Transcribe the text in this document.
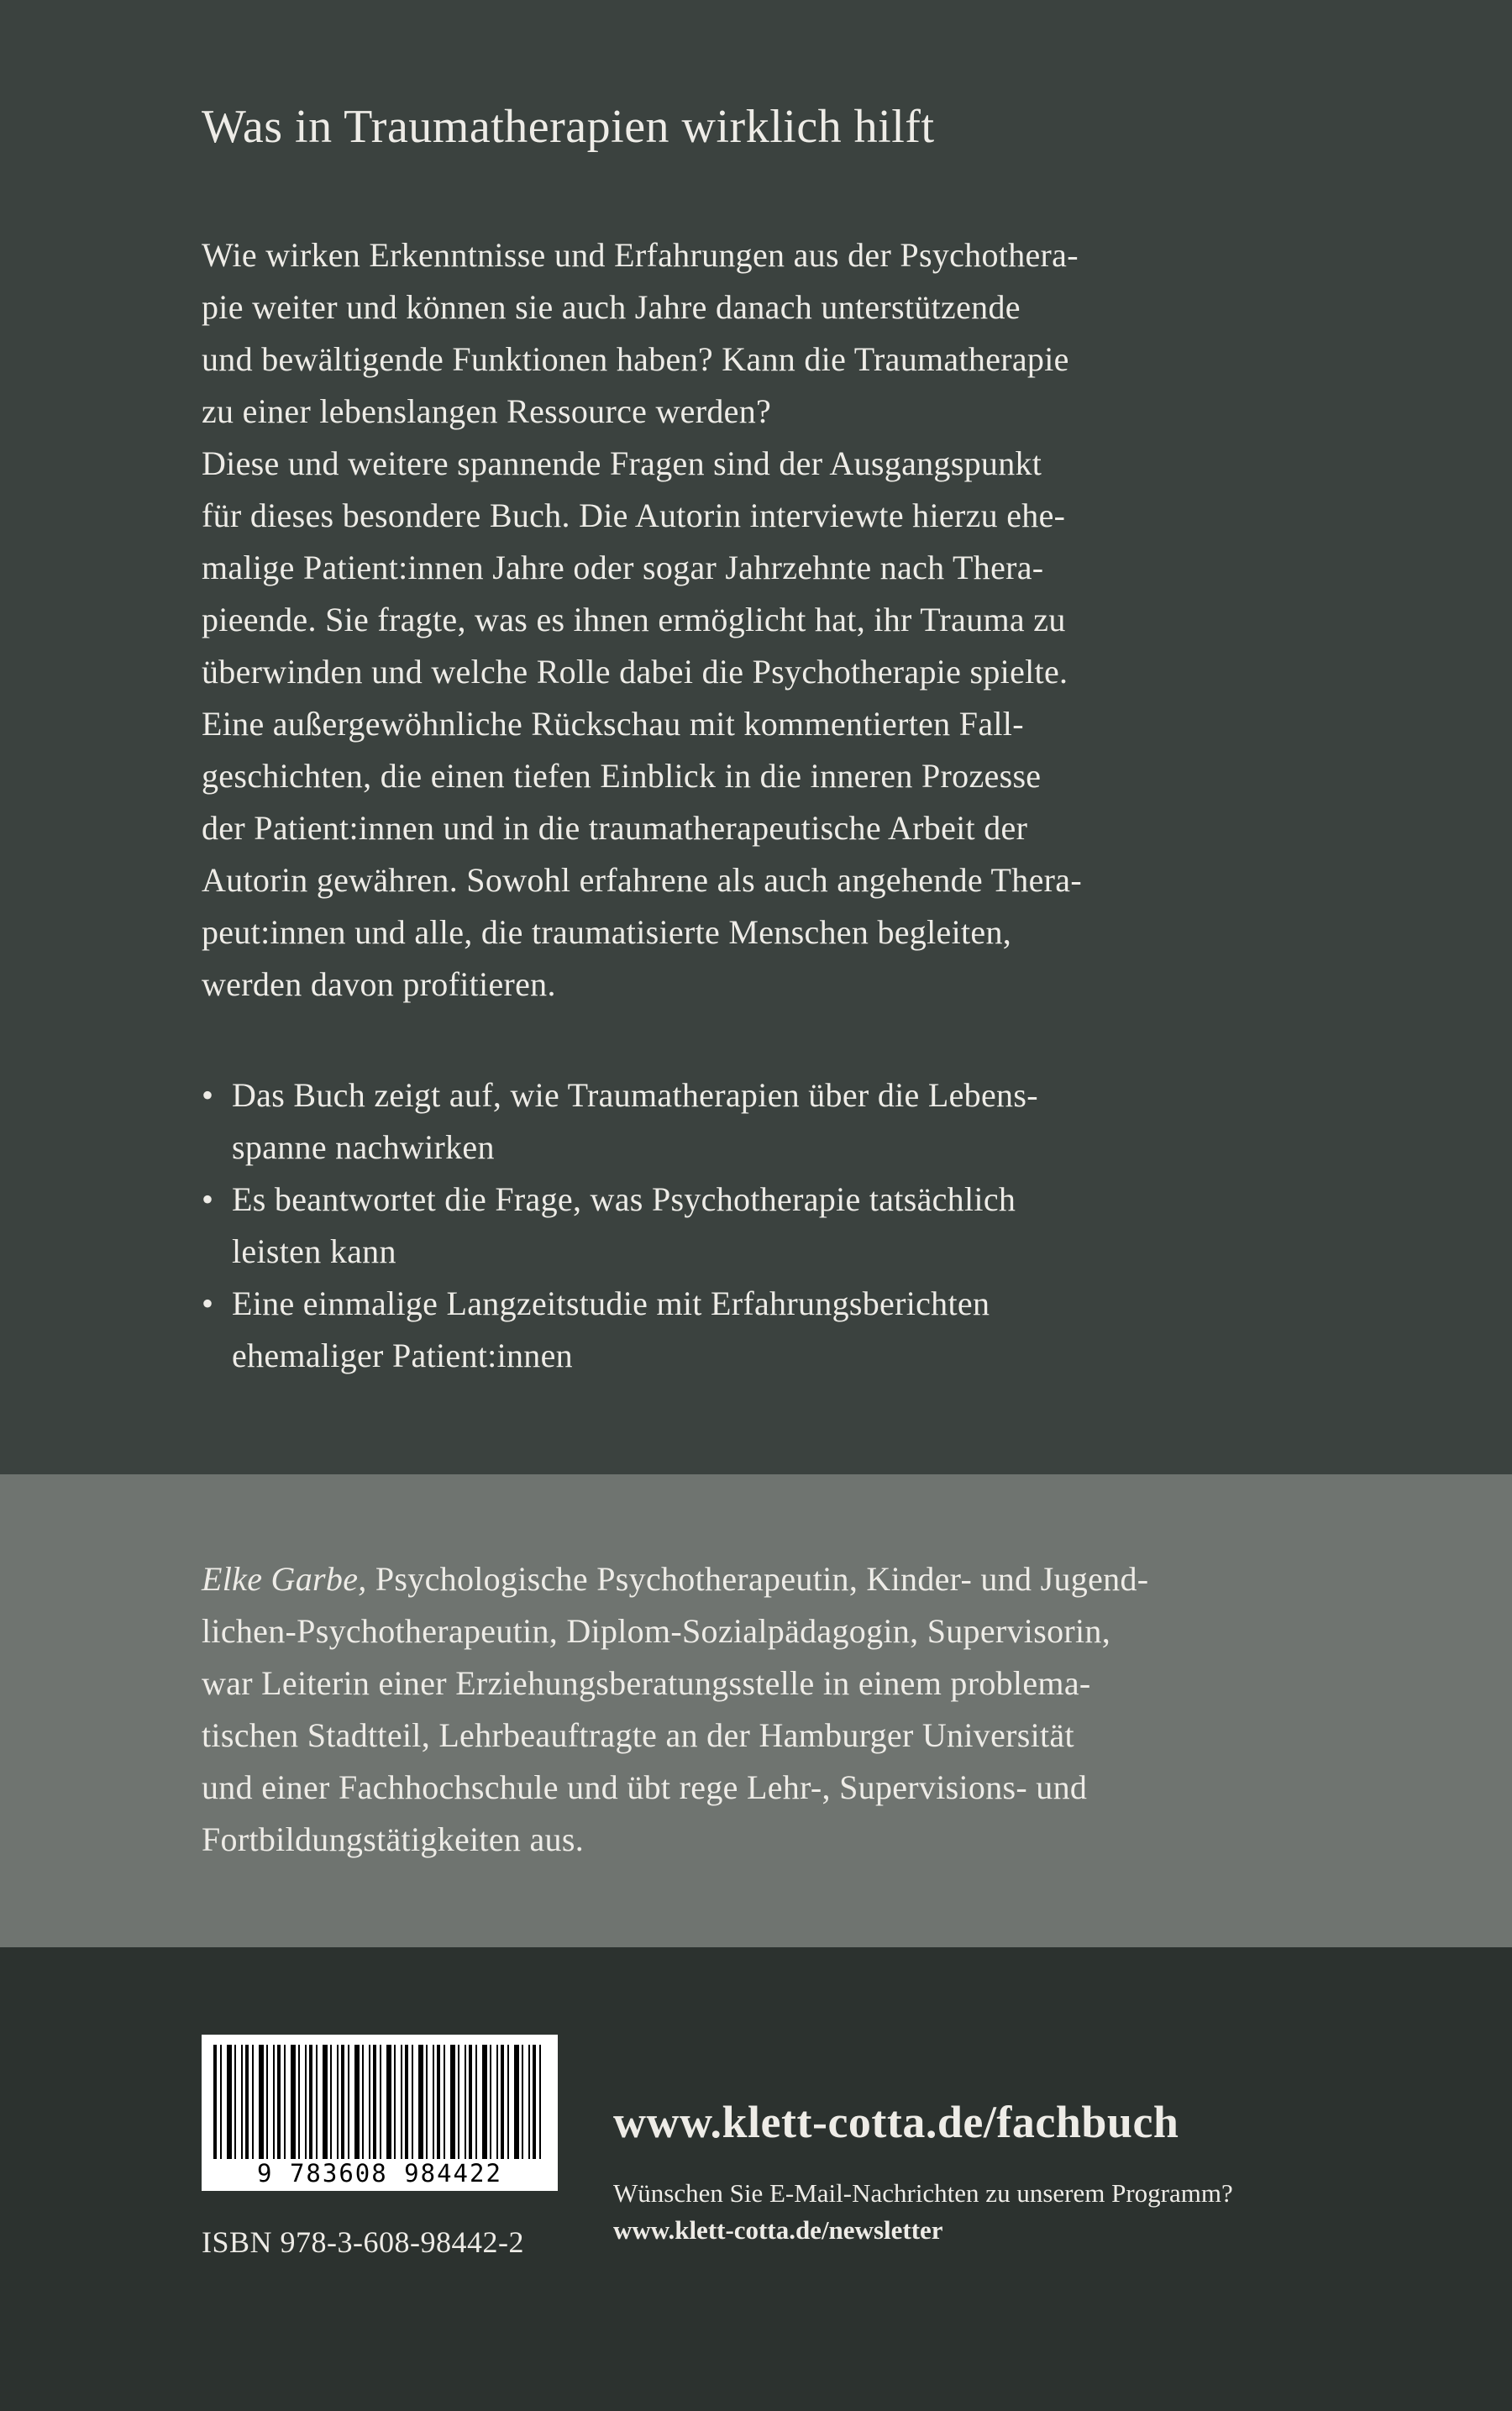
Was in Traumatherapien wirklich hilft

Wie wirken Erkenntnisse und Erfahrungen aus der Psychothera-
pie weiter und können sie auch Jahre danach unterstützende
und bewältigende Funktionen haben? Kann die Traumatherapie
zu einer lebenslangen Ressource werden?
Diese und weitere spannende Fragen sind der Ausgangspunkt
für dieses besondere Buch. Die Autorin interviewte hierzu ehe-
malige Patient:innen Jahre oder sogar Jahrzehnte nach Thera-
pieende. Sie fragte, was es ihnen ermöglicht hat, ihr Trauma zu
überwinden und welche Rolle dabei die Psychotherapie spielte.
Eine außergewöhnliche Rückschau mit kommentierten Fall-
geschichten, die einen tiefen Einblick in die inneren Prozesse
der Patient:innen und in die traumatherapeutische Arbeit der
Autorin gewähren. Sowohl erfahrene als auch angehende Thera-
peut:innen und alle, die traumatisierte Menschen begleiten,
werden davon profitieren.

• Das Buch zeigt auf, wie Traumatherapien über die Lebens-
spanne nachwirken
• Es beantwortet die Frage, was Psychotherapie tatsächlich
leisten kann
• Eine einmalige Langzeitstudie mit Erfahrungsberichten
ehemaliger Patient:innen

Elke Garbe, Psychologische Psychotherapeutin, Kinder- und Jugend-
lichen-Psychotherapeutin, Diplom-Sozialpädagogin, Supervisorin,
war Leiterin einer Erziehungsberatungsstelle in einem problema-
tischen Stadtteil, Lehrbeauftragte an der Hamburger Universität
und einer Fachhochschule und übt rege Lehr-, Supervisions- und
Fortbildungstätigkeiten aus.

9 783608 984422
ISBN 978-3-608-98442-2
www.klett-cotta.de/fachbuch
Wünschen Sie E-Mail-Nachrichten zu unserem Programm?
www.klett-cotta.de/newsletter
